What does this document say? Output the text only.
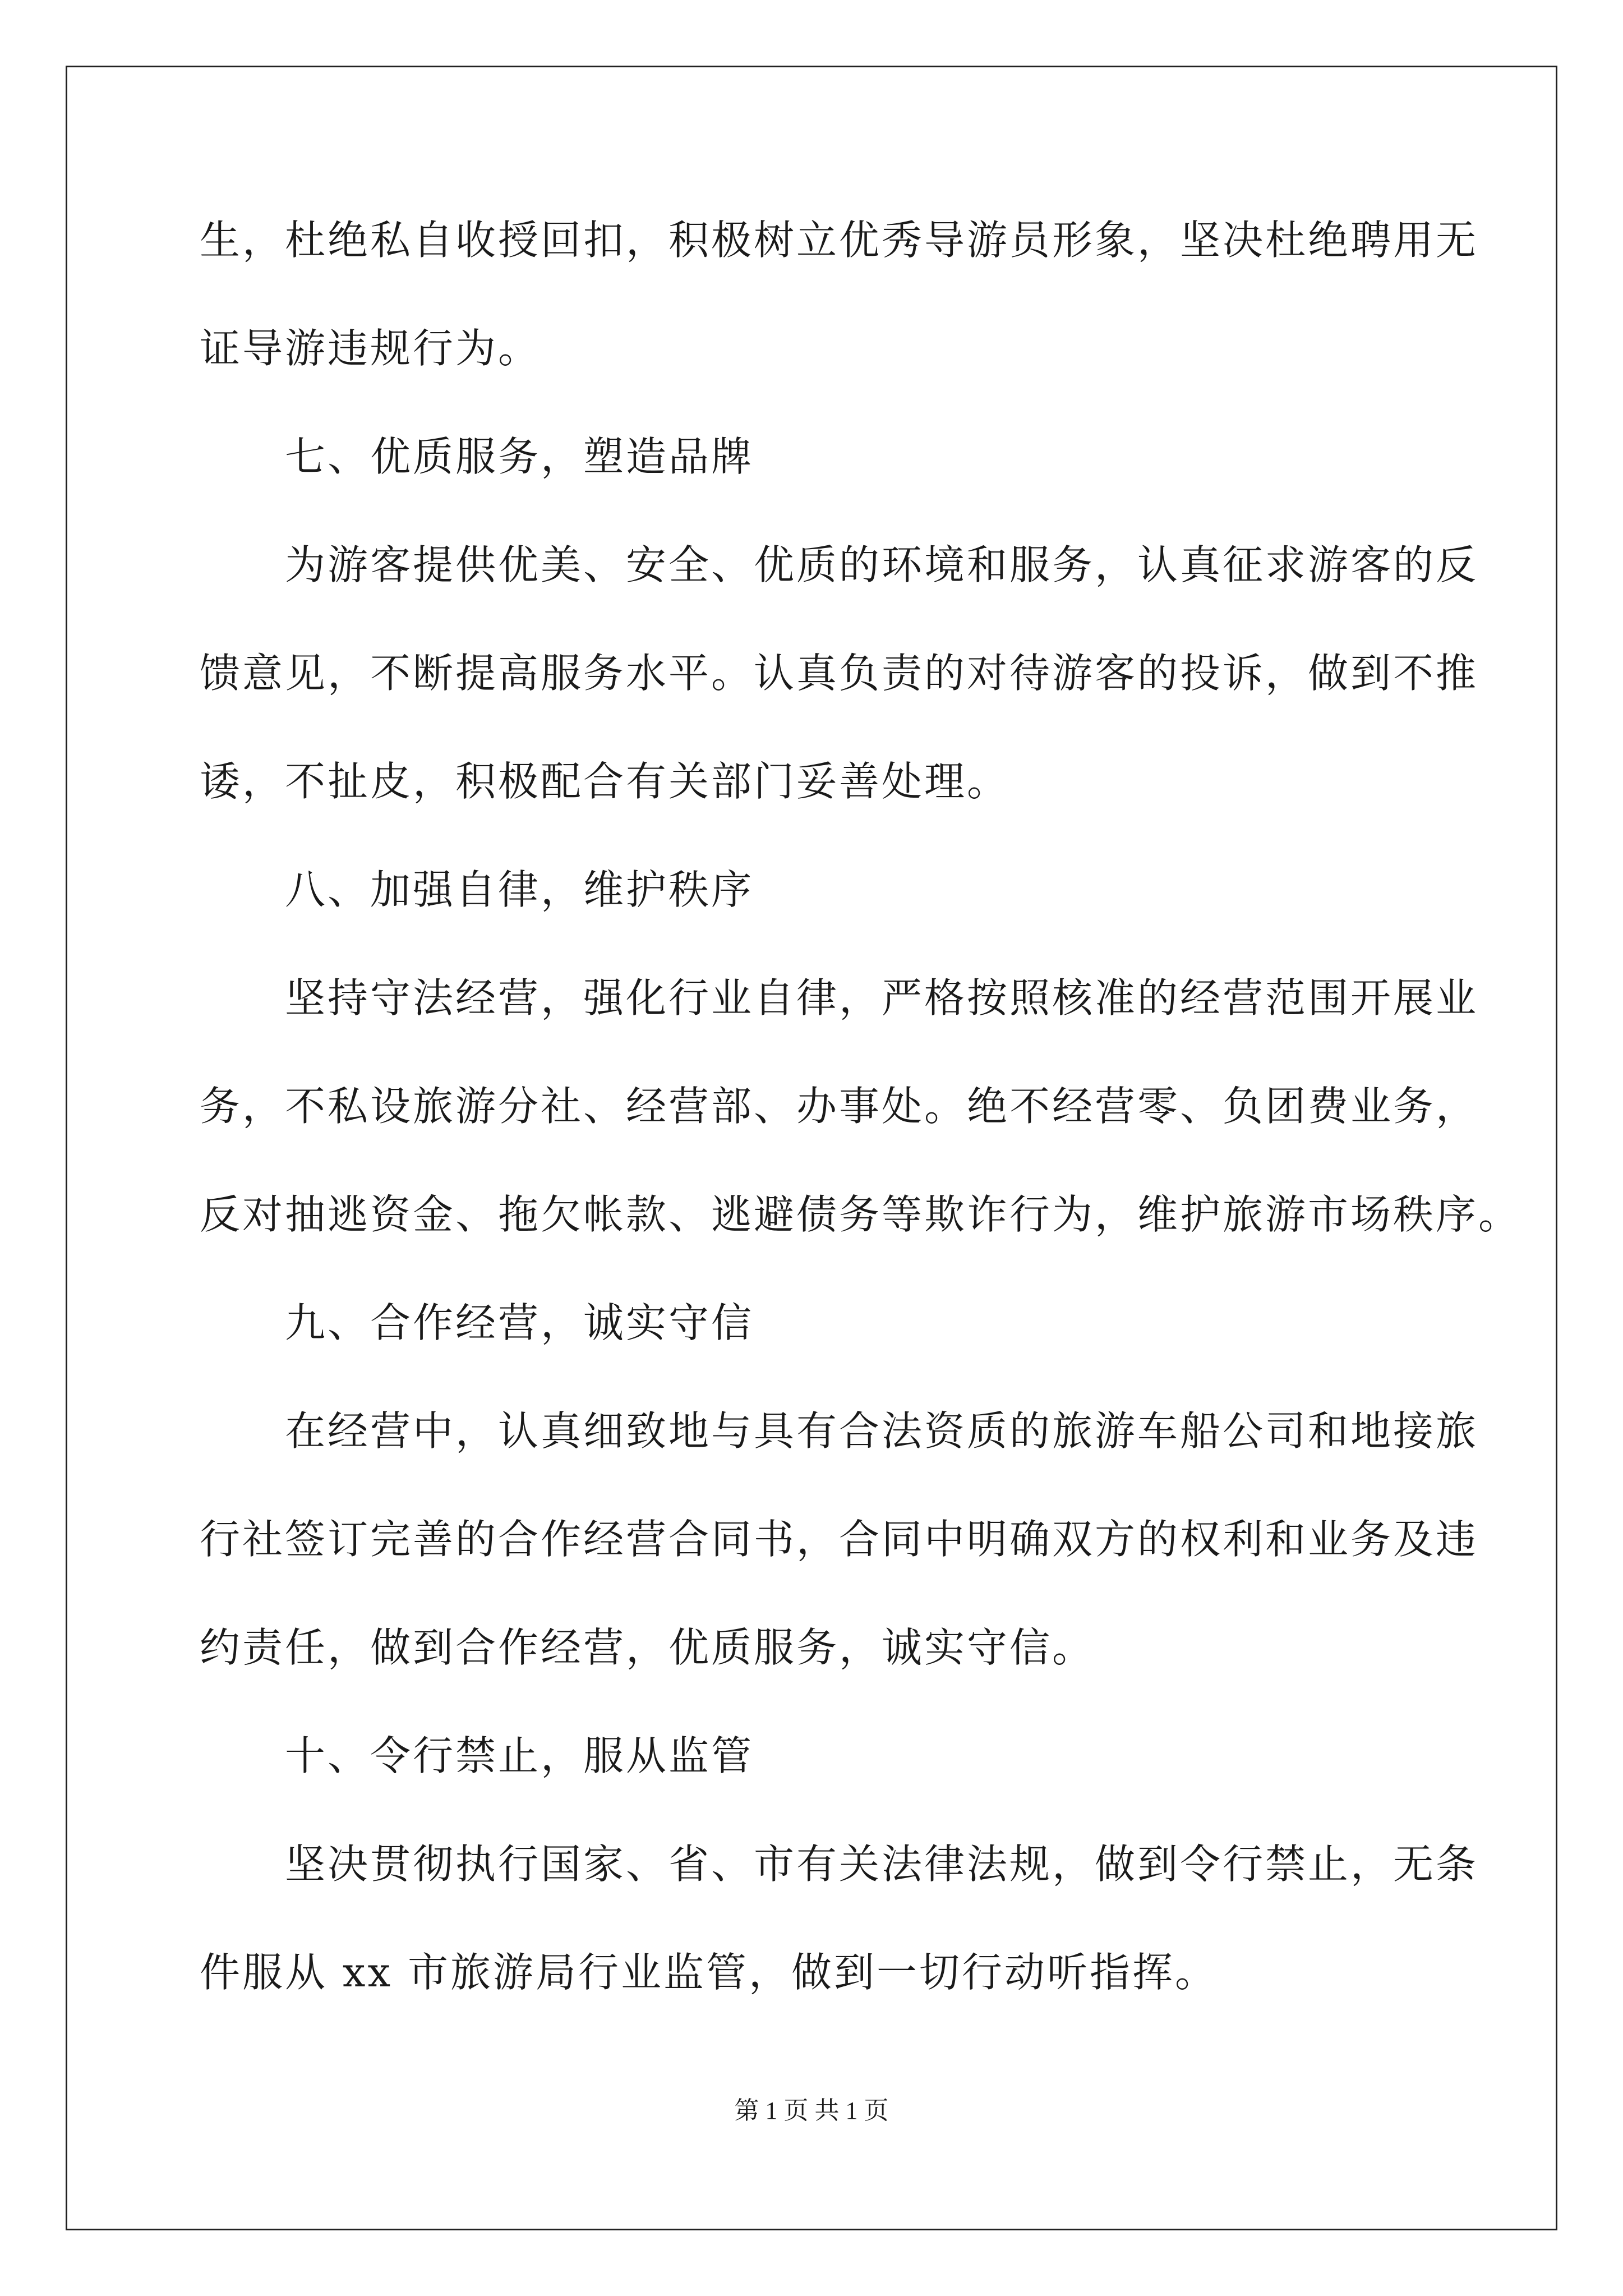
生，杜绝私自收授回扣，积极树立优秀导游员形象，坚决杜绝聘用无
证导游违规行为。
七、优质服务，塑造品牌
为游客提供优美、安全、优质的环境和服务，认真征求游客的反
馈意见，不断提高服务水平。认真负责的对待游客的投诉，做到不推
诿，不扯皮，积极配合有关部门妥善处理。
八、加强自律，维护秩序
坚持守法经营，强化行业自律，严格按照核准的经营范围开展业
务，不私设旅游分社、经营部、办事处。绝不经营零、负团费业务，
反对抽逃资金、拖欠帐款、逃避债务等欺诈行为，维护旅游市场秩序。
九、合作经营，诚实守信
在经营中，认真细致地与具有合法资质的旅游车船公司和地接旅
行社签订完善的合作经营合同书，合同中明确双方的权利和业务及违
约责任，做到合作经营，优质服务，诚实守信。
十、令行禁止，服从监管
坚决贯彻执行国家、省、市有关法律法规，做到令行禁止，无条
件服从 xx 市旅游局行业监管，做到一切行动听指挥。
第 1 页 共 1 页
